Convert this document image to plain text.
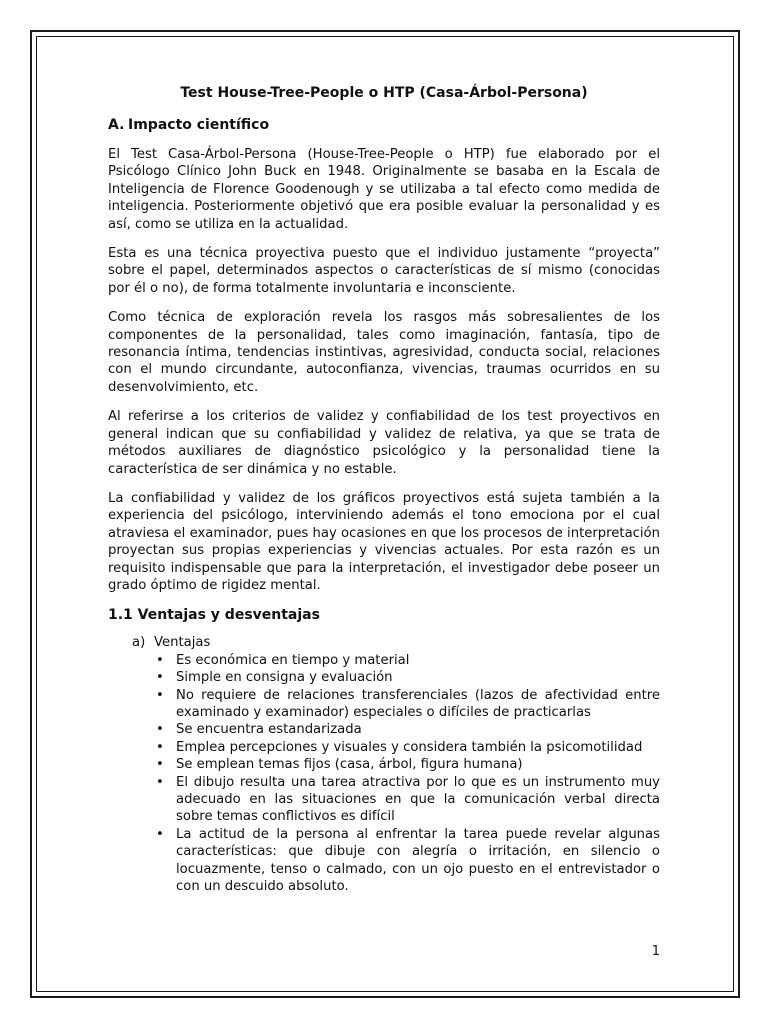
Test House-Tree-People o HTP (Casa-Árbol-Persona)
A. Impacto científico

El Test Casa-Árbol-Persona (House-Tree-People o HTP) fue elaborado por el Psicólogo Clínico John Buck en 1948. Originalmente se basaba en la Escala de Inteligencia de Florence Goodenough y se utilizaba a tal efecto como medida de inteligencia. Posteriormente objetivó que era posible evaluar la personalidad y es así, como se utiliza en la actualidad.

Esta es una técnica proyectiva puesto que el individuo justamente “proyecta” sobre el papel, determinados aspectos o características de sí mismo (conocidas por él o no), de forma totalmente involuntaria e inconsciente.

Como técnica de exploración revela los rasgos más sobresalientes de los componentes de la personalidad, tales como imaginación, fantasía, tipo de resonancia íntima, tendencias instintivas, agresividad, conducta social, relaciones con el mundo circundante, autoconfianza, vivencias, traumas ocurridos en su desenvolvimiento, etc.

Al referirse a los criterios de validez y confiabilidad de los test proyectivos en general indican que su confiabilidad y validez de relativa, ya que se trata de métodos auxiliares de diagnóstico psicológico y la personalidad tiene la característica de ser dinámica y no estable.

La confiabilidad y validez de los gráficos proyectivos está sujeta también a la experiencia del psicólogo, interviniendo además el tono emociona por el cual atraviesa el examinador, pues hay ocasiones en que los procesos de interpretación proyectan sus propias experiencias y vivencias actuales. Por esta razón es un requisito indispensable que para la interpretación, el investigador debe poseer un grado óptimo de rigidez mental.

1.1 Ventajas y desventajas
a) Ventajas
• Es económica en tiempo y material
• Simple en consigna y evaluación
• No requiere de relaciones transferenciales (lazos de afectividad entre examinado y examinador) especiales o difíciles de practicarlas
• Se encuentra estandarizada
• Emplea percepciones y visuales y considera también la psicomotilidad
• Se emplean temas fijos (casa, árbol, figura humana)
• El dibujo resulta una tarea atractiva por lo que es un instrumento muy adecuado en las situaciones en que la comunicación verbal directa sobre temas conflictivos es difícil
• La actitud de la persona al enfrentar la tarea puede revelar algunas características: que dibuje con alegría o irritación, en silencio o locuazmente, tenso o calmado, con un ojo puesto en el entrevistador o con un descuido absoluto.
1
